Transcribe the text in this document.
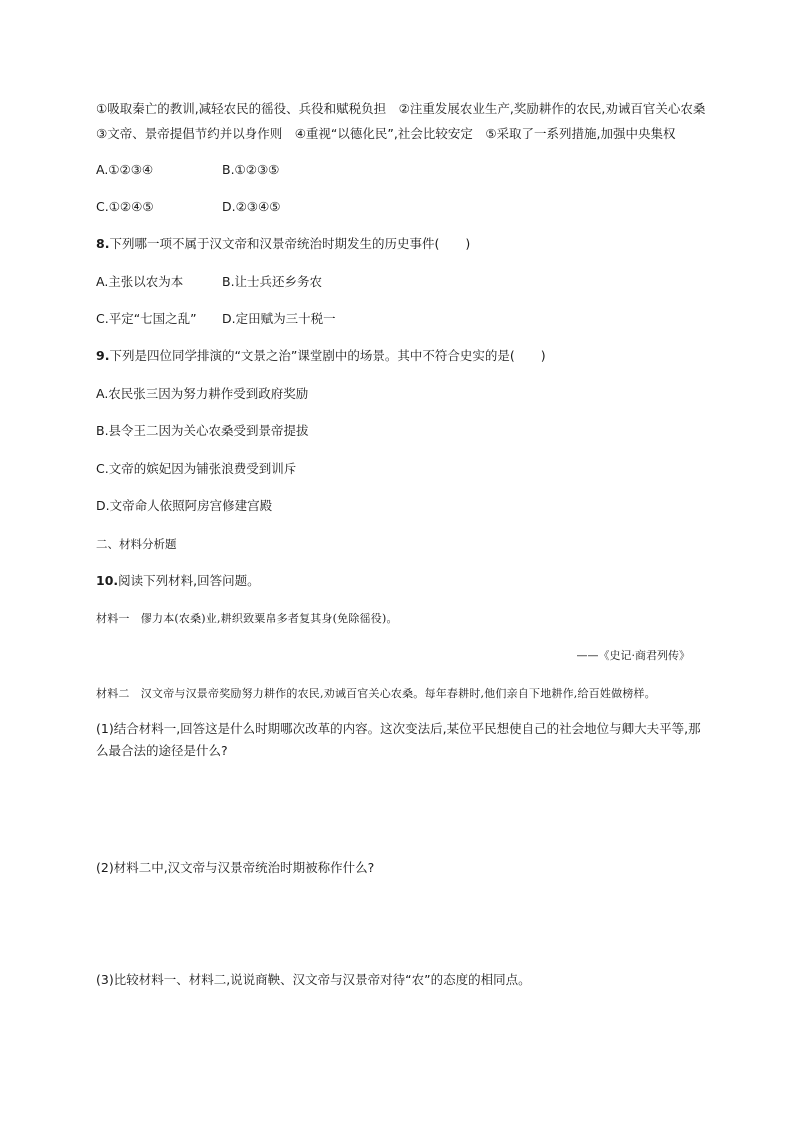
①吸取秦亡的教训,减轻农民的徭役、兵役和赋税负担　②注重发展农业生产,奖励耕作的农民,劝诫百官关心农桑
③文帝、景帝提倡节约并以身作则　④重视“以德化民”,社会比较安定　⑤采取了一系列措施,加强中央集权
A.①②③④	B.①②③⑤
C.①②④⑤	D.②③④⑤
8.下列哪一项不属于汉文帝和汉景帝统治时期发生的历史事件( )
A.主张以农为本	B.让士兵还乡务农
C.平定“七国之乱” D.定田赋为三十税一
9.下列是四位同学排演的“文景之治”课堂剧中的场景。其中不符合史实的是( )
A.农民张三因为努力耕作受到政府奖励
B.县令王二因为关心农桑受到景帝提拔
C.文帝的嫔妃因为铺张浪费受到训斥
D.文帝命人依照阿房宫修建宫殿
二、材料分析题
10.阅读下列材料,回答问题。
材料一　僇力本(农桑)业,耕织致粟帛多者复其身(免除徭役)。
——《史记·商君列传》
材料二　汉文帝与汉景帝奖励努力耕作的农民,劝诫百官关心农桑。每年春耕时,他们亲自下地耕作,给百姓做榜样。
(1)结合材料一,回答这是什么时期哪次改革的内容。这次变法后,某位平民想使自己的社会地位与卿大夫平等,那么最合法的途径是什么?
(2)材料二中,汉文帝与汉景帝统治时期被称作什么?
(3)比较材料一、材料二,说说商鞅、汉文帝与汉景帝对待“农”的态度的相同点。
